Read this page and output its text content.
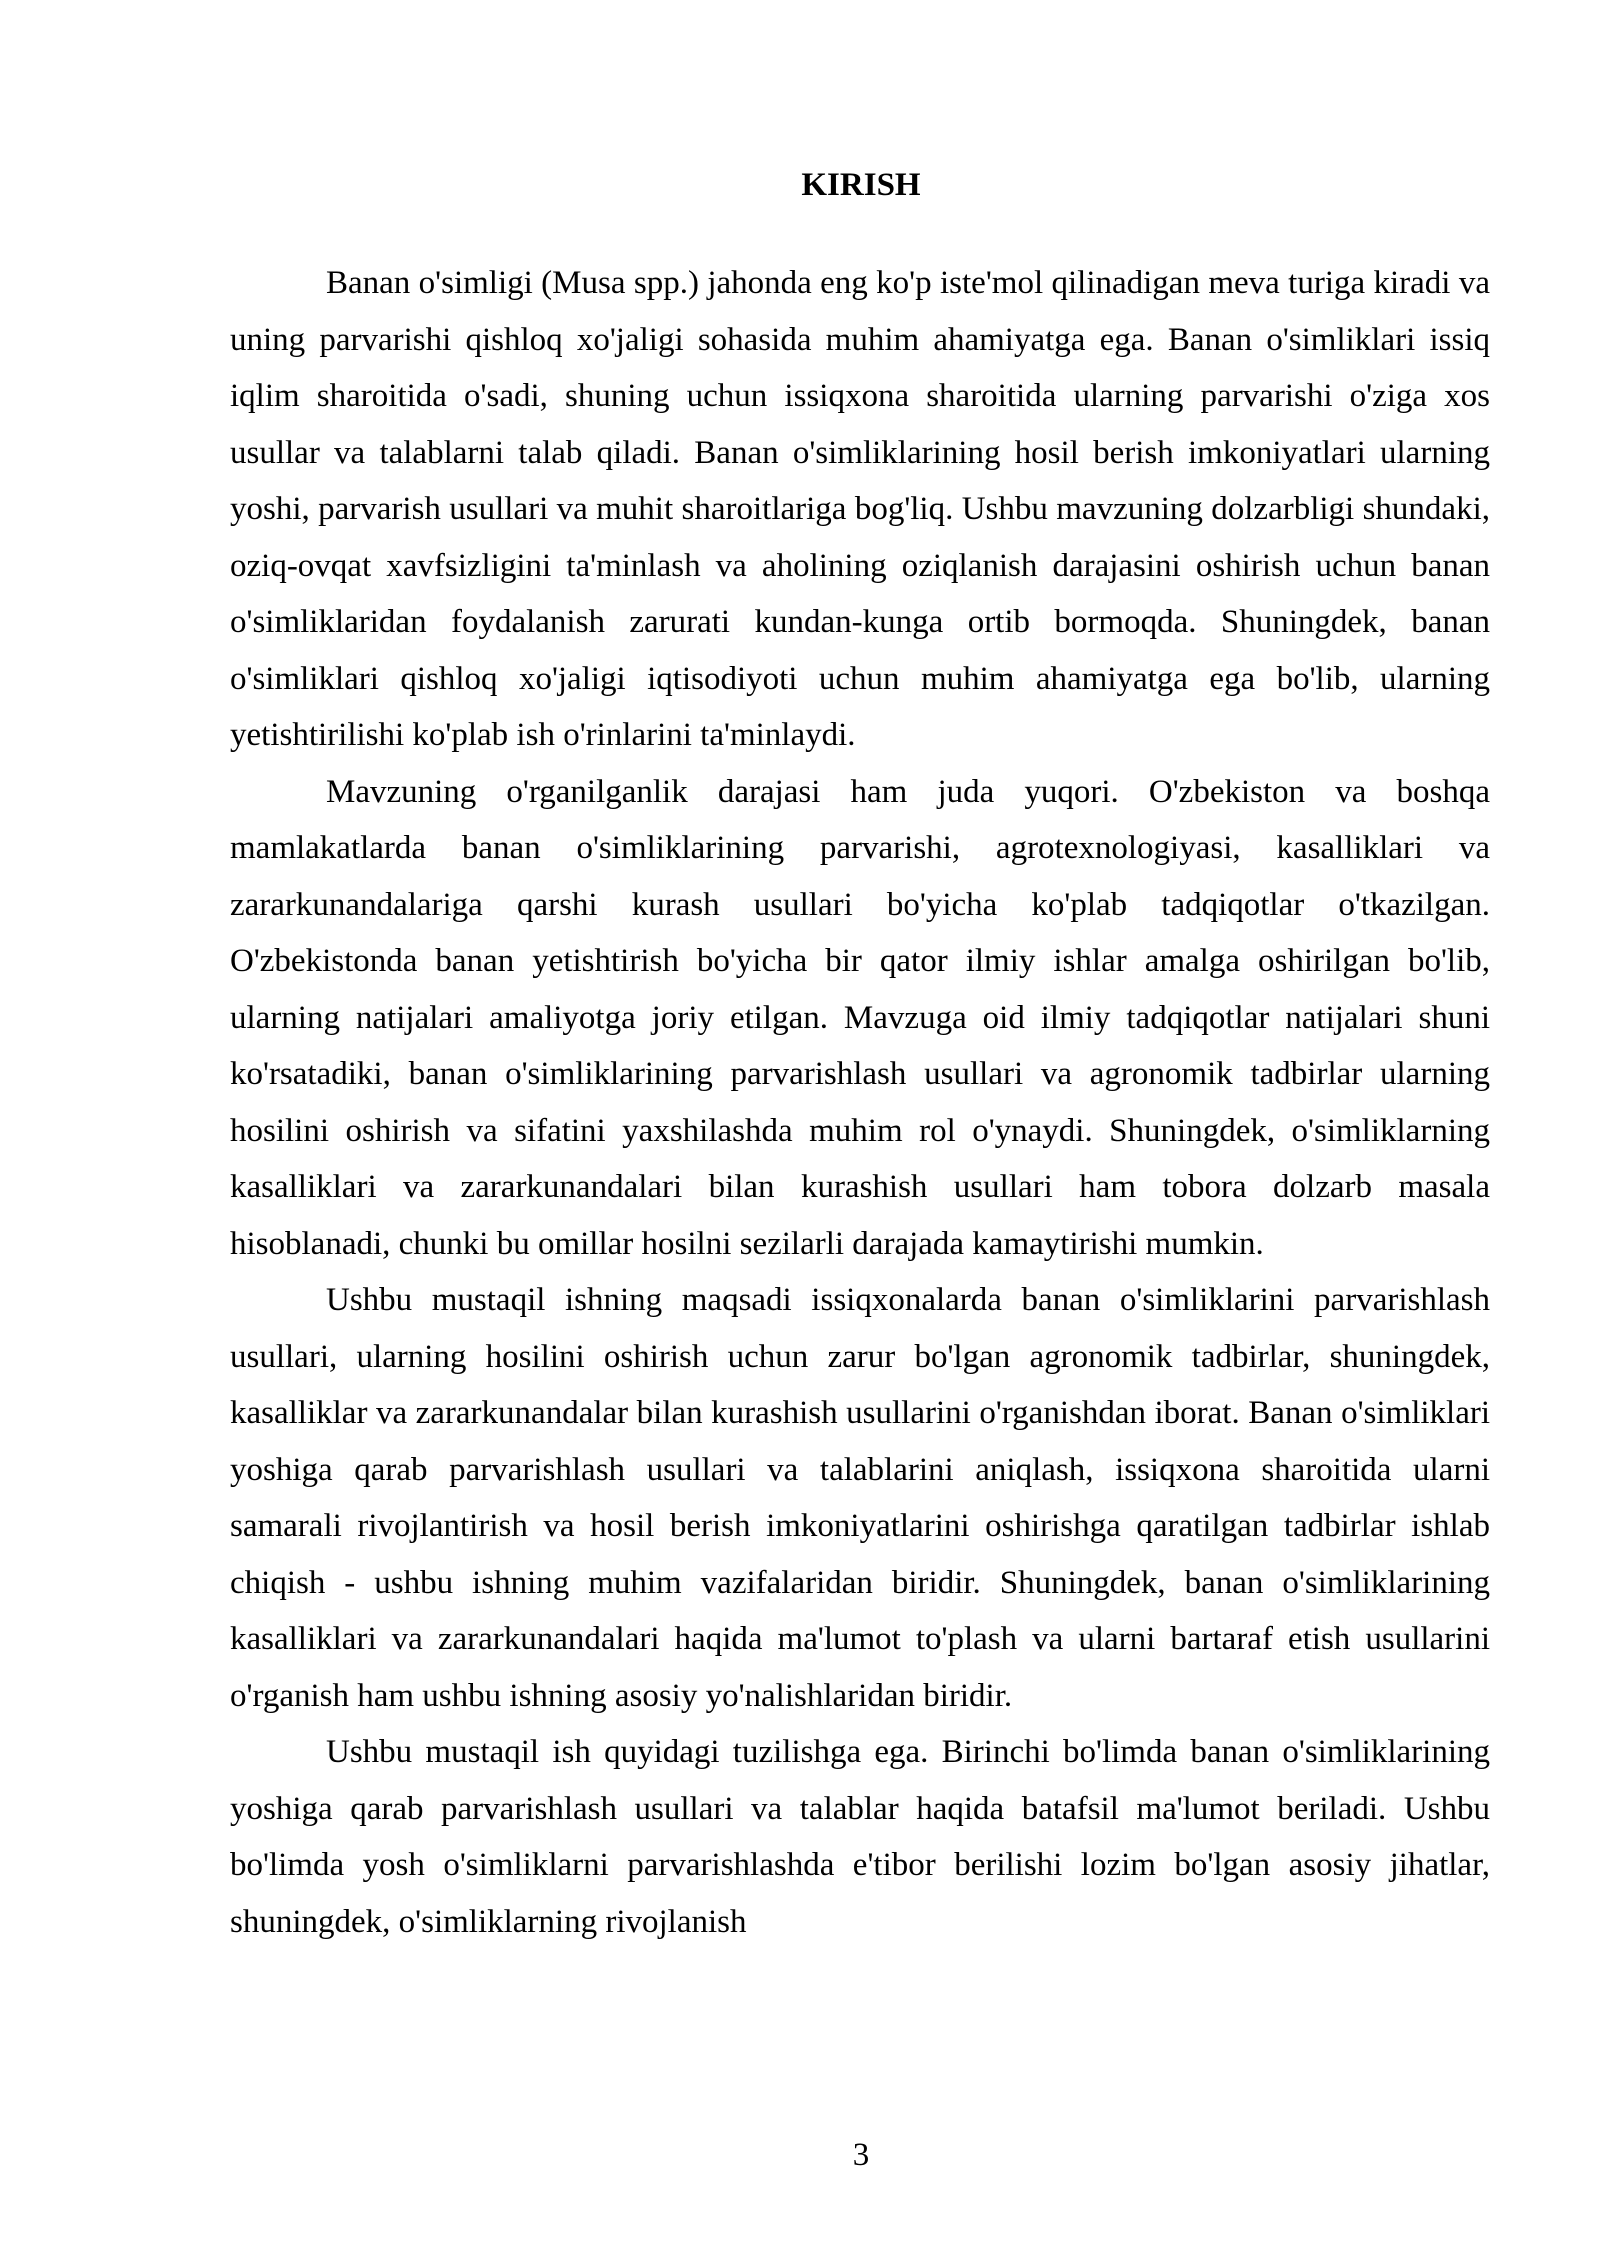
KIRISH

Banan o'simligi (Musa spp.) jahonda eng ko'p iste'mol qilinadigan meva turiga kiradi va uning parvarishi qishloq xo'jaligi sohasida muhim ahamiyatga ega. Banan o'simliklari issiq iqlim sharoitida o'sadi, shuning uchun issiqxona sharoitida ularning parvarishi o'ziga xos usullar va talablarni talab qiladi. Banan o'simliklarining hosil berish imkoniyatlari ularning yoshi, parvarish usullari va muhit sharoitlariga bog'liq. Ushbu mavzuning dolzarbligi shundaki, oziq-ovqat xavfsizligini ta'minlash va aholining oziqlanish darajasini oshirish uchun banan o'simliklaridan foydalanish zarurati kundan-kunga ortib bormoqda. Shuningdek, banan o'simliklari qishloq xo'jaligi iqtisodiyoti uchun muhim ahamiyatga ega bo'lib, ularning yetishtirilishi ko'plab ish o'rinlarini ta'minlaydi.

Mavzuning o'rganilganlik darajasi ham juda yuqori. O'zbekiston va boshqa mamlakatlarda banan o'simliklarining parvarishi, agrotexnologiyasi, kasalliklari va zararkunandalariga qarshi kurash usullari bo'yicha ko'plab tadqiqotlar o'tkazilgan. O'zbekistonda banan yetishtirish bo'yicha bir qator ilmiy ishlar amalga oshirilgan bo'lib, ularning natijalari amaliyotga joriy etilgan. Mavzuga oid ilmiy tadqiqotlar natijalari shuni ko'rsatadiki, banan o'simliklarining parvarishlash usullari va agronomik tadbirlar ularning hosilini oshirish va sifatini yaxshilashda muhim rol o'ynaydi. Shuningdek, o'simliklarning kasalliklari va zararkunandalari bilan kurashish usullari ham tobora dolzarb masala hisoblanadi, chunki bu omillar hosilni sezilarli darajada kamaytirishi mumkin.

Ushbu mustaqil ishning maqsadi issiqxonalarda banan o'simliklarini parvarishlash usullari, ularning hosilini oshirish uchun zarur bo'lgan agronomik tadbirlar, shuningdek, kasalliklar va zararkunandalar bilan kurashish usullarini o'rganishdan iborat. Banan o'simliklari yoshiga qarab parvarishlash usullari va talablarini aniqlash, issiqxona sharoitida ularni samarali rivojlantirish va hosil berish imkoniyatlarini oshirishga qaratilgan tadbirlar ishlab chiqish - ushbu ishning muhim vazifalaridan biridir. Shuningdek, banan o'simliklarining kasalliklari va zararkunandalari haqida ma'lumot to'plash va ularni bartaraf etish usullarini o'rganish ham ushbu ishning asosiy yo'nalishlaridan biridir.

Ushbu mustaqil ish quyidagi tuzilishga ega. Birinchi bo'limda banan o'simliklarining yoshiga qarab parvarishlash usullari va talablar haqida batafsil ma'lumot beriladi. Ushbu bo'limda yosh o'simliklarni parvarishlashda e'tibor berilishi lozim bo'lgan asosiy jihatlar, shuningdek, o'simliklarning rivojlanish

3
